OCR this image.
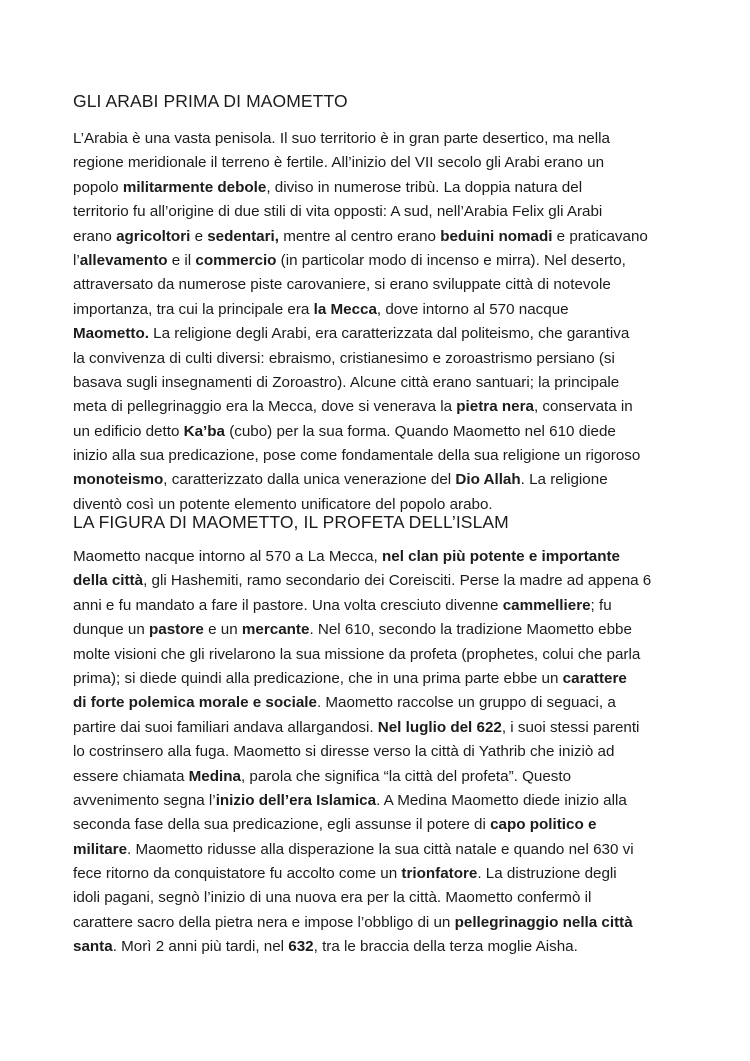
GLI ARABI PRIMA DI MAOMETTO
L’Arabia è una vasta penisola. Il suo territorio è in gran parte desertico, ma nella
regione meridionale il terreno è fertile. All’inizio del VII secolo gli Arabi erano un
popolo militarmente debole, diviso in numerose tribù. La doppia natura del
territorio fu all’origine di due stili di vita opposti: A sud, nell’Arabia Felix gli Arabi
erano agricoltori e sedentari, mentre al centro erano beduini nomadi e praticavano
l’allevamento e il commercio (in particolar modo di incenso e mirra). Nel deserto,
attraversato da numerose piste carovaniere, si erano sviluppate città di notevole
importanza, tra cui la principale era la Mecca, dove intorno al 570 nacque
Maometto. La religione degli Arabi, era caratterizzata dal politeismo, che garantiva
la convivenza di culti diversi: ebraismo, cristianesimo e zoroastrismo persiano (si
basava sugli insegnamenti di Zoroastro). Alcune città erano santuari; la principale
meta di pellegrinaggio era la Mecca, dove si venerava la pietra nera, conservata in
un edificio detto Ka’ba (cubo) per la sua forma. Quando Maometto nel 610 diede
inizio alla sua predicazione, pose come fondamentale della sua religione un rigoroso
monoteismo, caratterizzato dalla unica venerazione del Dio Allah. La religione
diventò così un potente elemento unificatore del popolo arabo.
LA FIGURA DI MAOMETTO, IL PROFETA DELL’ISLAM
Maometto nacque intorno al 570 a La Mecca, nel clan più potente e importante
della città, gli Hashemiti, ramo secondario dei Coreisciti. Perse la madre ad appena 6
anni e fu mandato a fare il pastore. Una volta cresciuto divenne cammelliere; fu
dunque un pastore e un mercante. Nel 610, secondo la tradizione Maometto ebbe
molte visioni che gli rivelarono la sua missione da profeta (prophetes, colui che parla
prima); si diede quindi alla predicazione, che in una prima parte ebbe un carattere
di forte polemica morale e sociale. Maometto raccolse un gruppo di seguaci, a
partire dai suoi familiari andava allargandosi. Nel luglio del 622, i suoi stessi parenti
lo costrinsero alla fuga. Maometto si diresse verso la città di Yathrib che iniziò ad
essere chiamata Medina, parola che significa “la città del profeta”. Questo
avvenimento segna l’inizio dell’era Islamica. A Medina Maometto diede inizio alla
seconda fase della sua predicazione, egli assunse il potere di capo politico e
militare. Maometto ridusse alla disperazione la sua città natale e quando nel 630 vi
fece ritorno da conquistatore fu accolto come un trionfatore. La distruzione degli
idoli pagani, segnò l’inizio di una nuova era per la città. Maometto confermò il
carattere sacro della pietra nera e impose l’obbligo di un pellegrinaggio nella città
santa. Morì 2 anni più tardi, nel 632, tra le braccia della terza moglie Aisha.
